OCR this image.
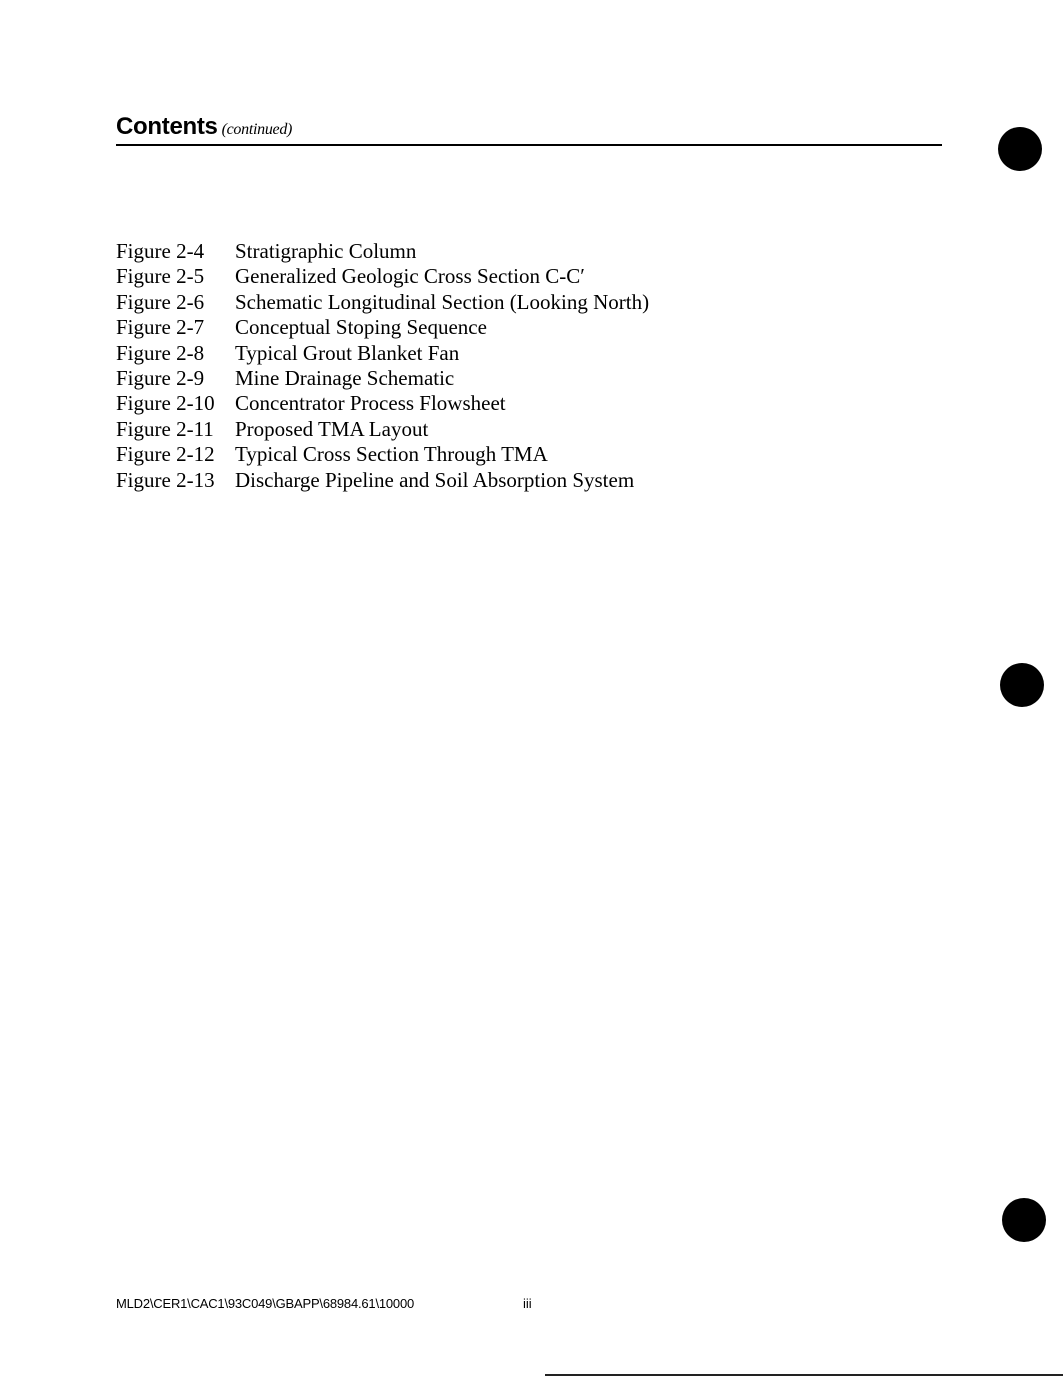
Contents (continued)
Figure 2-4	Stratigraphic Column
Figure 2-5	Generalized Geologic Cross Section C-C′
Figure 2-6	Schematic Longitudinal Section (Looking North)
Figure 2-7	Conceptual Stoping Sequence
Figure 2-8	Typical Grout Blanket Fan
Figure 2-9	Mine Drainage Schematic
Figure 2-10 Concentrator Process Flowsheet
Figure 2-11	Proposed TMA Layout
Figure 2-12 Typical Cross Section Through TMA
Figure 2-13 Discharge Pipeline and Soil Absorption System
MLD2\CER1\CAC1\93C049\GBAPP\68984.61\10000	iii
